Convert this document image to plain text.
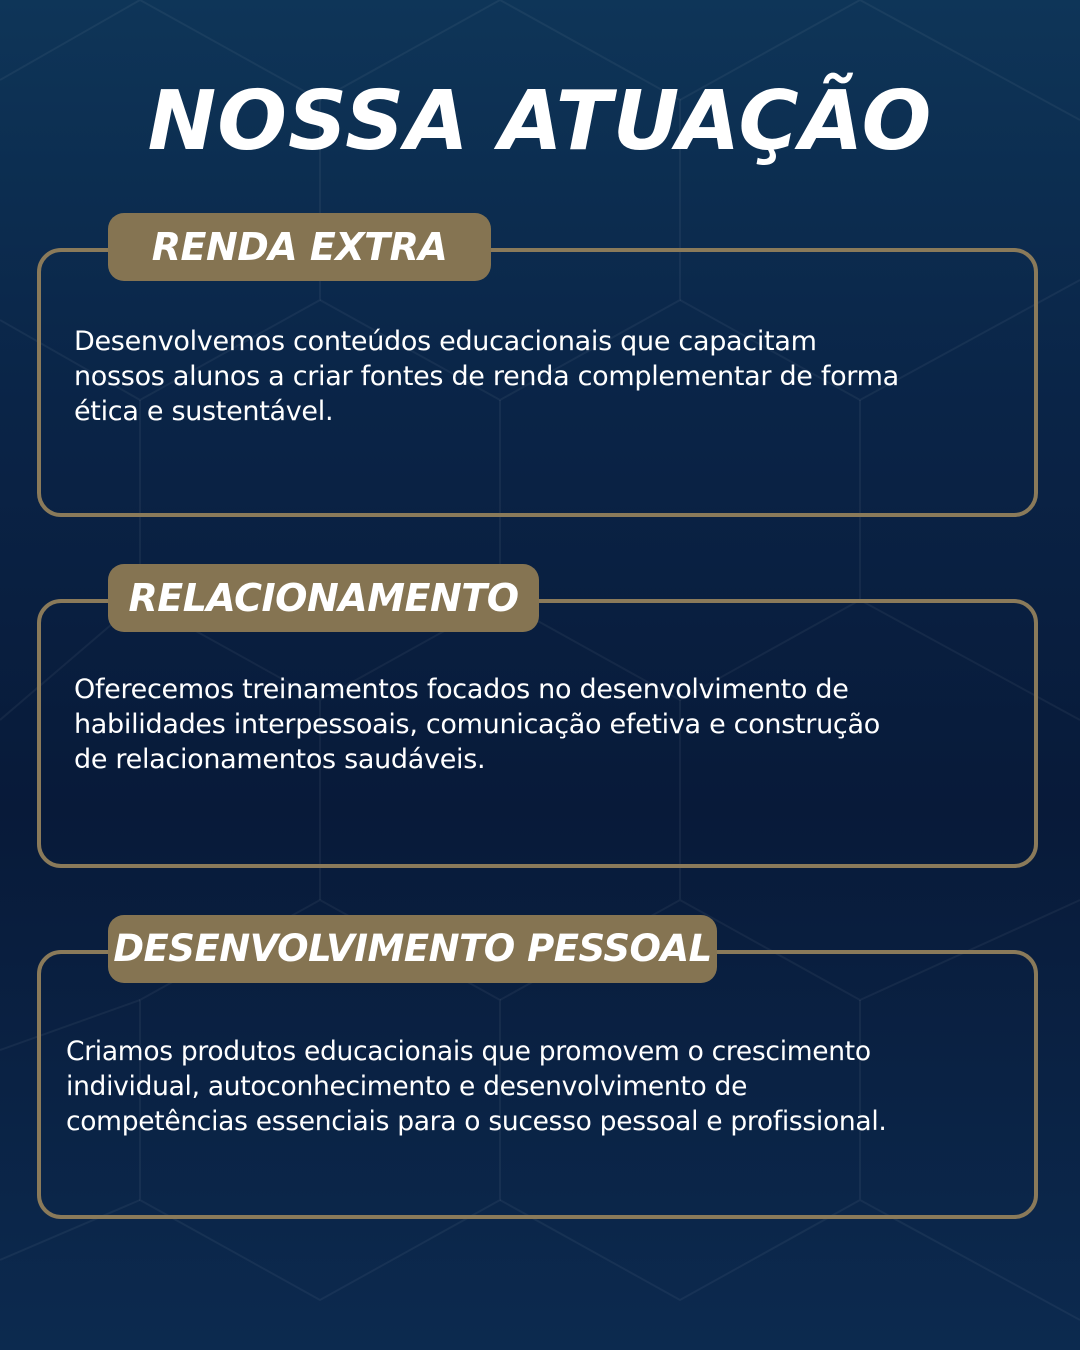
NOSSA ATUAÇÃO
RENDA EXTRA
Desenvolvemos conteúdos educacionais que capacitam
nossos alunos a criar fontes de renda complementar de forma
ética e sustentável.
RELACIONAMENTO
Oferecemos treinamentos focados no desenvolvimento de
habilidades interpessoais, comunicação efetiva e construção
de relacionamentos saudáveis.
DESENVOLVIMENTO PESSOAL
Criamos produtos educacionais que promovem o crescimento
individual, autoconhecimento e desenvolvimento de
competências essenciais para o sucesso pessoal e profissional.
